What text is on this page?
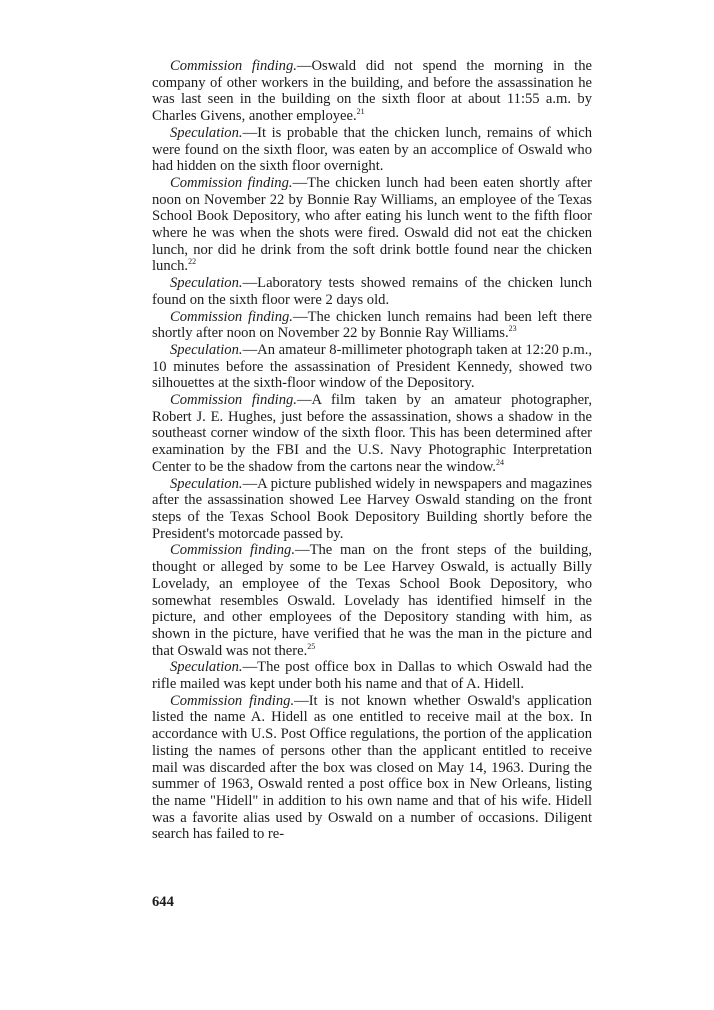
Commission finding.—Oswald did not spend the morning in the company of other workers in the building, and before the assassination he was last seen in the building on the sixth floor at about 11:55 a.m. by Charles Givens, another employee.$^{21}$

Speculation.—It is probable that the chicken lunch, remains of which were found on the sixth floor, was eaten by an accomplice of Oswald who had hidden on the sixth floor overnight.

Commission finding.—The chicken lunch had been eaten shortly after noon on November 22 by Bonnie Ray Williams, an employee of the Texas School Book Depository, who after eating his lunch went to the fifth floor where he was when the shots were fired. Oswald did not eat the chicken lunch, nor did he drink from the soft drink bottle found near the chicken lunch.$^{22}$

Speculation.—Laboratory tests showed remains of the chicken lunch found on the sixth floor were 2 days old.

Commission finding.—The chicken lunch remains had been left there shortly after noon on November 22 by Bonnie Ray Williams.$^{23}$

Speculation.—An amateur 8-millimeter photograph taken at 12:20 p.m., 10 minutes before the assassination of President Kennedy, showed two silhouettes at the sixth-floor window of the Depository.

Commission finding.—A film taken by an amateur photographer, Robert J. E. Hughes, just before the assassination, shows a shadow in the southeast corner window of the sixth floor. This has been determined after examination by the FBI and the U.S. Navy Photographic Interpretation Center to be the shadow from the cartons near the window.$^{24}$

Speculation.—A picture published widely in newspapers and magazines after the assassination showed Lee Harvey Oswald standing on the front steps of the Texas School Book Depository Building shortly before the President's motorcade passed by.

Commission finding.—The man on the front steps of the building, thought or alleged by some to be Lee Harvey Oswald, is actually Billy Lovelady, an employee of the Texas School Book Depository, who somewhat resembles Oswald. Lovelady has identified himself in the picture, and other employees of the Depository standing with him, as shown in the picture, have verified that he was the man in the picture and that Oswald was not there.$^{25}$

Speculation.—The post office box in Dallas to which Oswald had the rifle mailed was kept under both his name and that of A. Hidell.

Commission finding.—It is not known whether Oswald's application listed the name A. Hidell as one entitled to receive mail at the box. In accordance with U.S. Post Office regulations, the portion of the application listing the names of persons other than the applicant entitled to receive mail was discarded after the box was closed on May 14, 1963. During the summer of 1963, Oswald rented a post office box in New Orleans, listing the name "Hidell" in addition to his own name and that of his wife. Hidell was a favorite alias used by Oswald on a number of occasions. Diligent search has failed to re-

644
